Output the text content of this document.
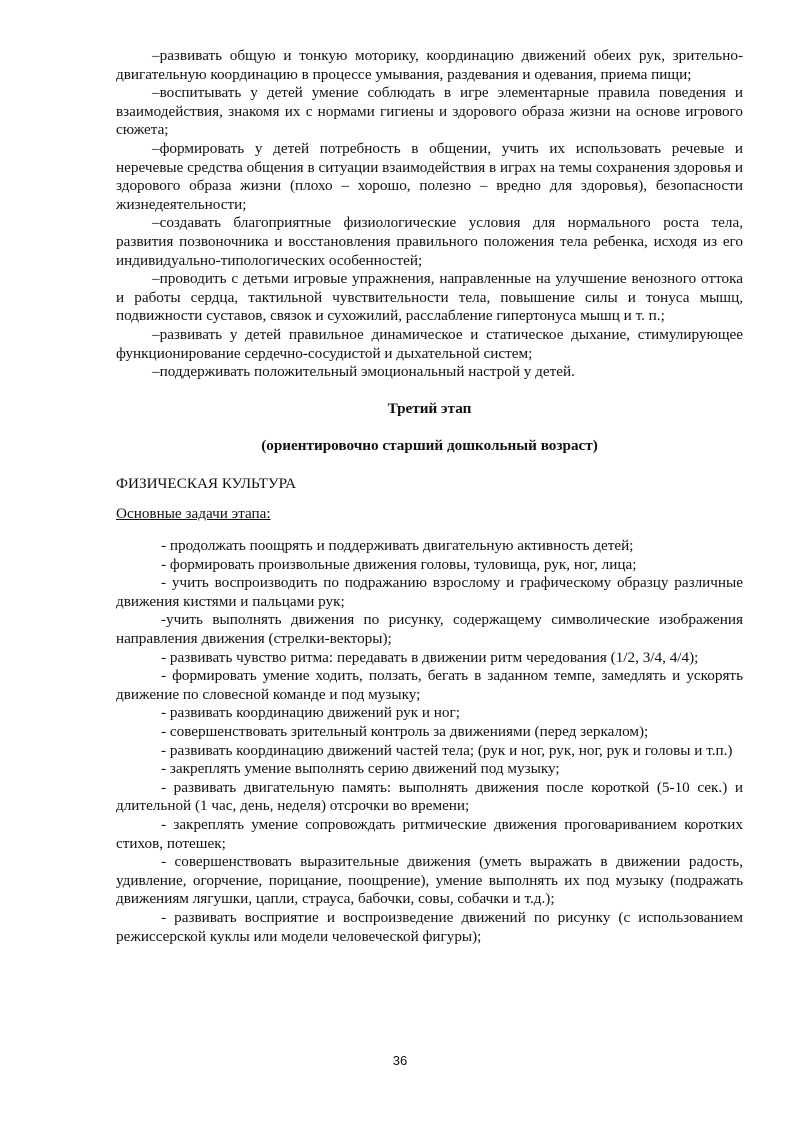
–развивать общую и тонкую моторику, координацию движений обеих рук, зрительно-двигательную координацию в процессе умывания, раздевания и одевания, приема пищи;

–воспитывать у детей умение соблюдать в игре элементарные правила поведения и взаимодействия, знакомя их с нормами гигиены и здорового образа жизни на основе игрового сюжета;

–формировать у детей потребность в общении, учить их использовать речевые и неречевые средства общения в ситуации взаимодействия в играх на темы сохранения здоровья и здорового образа жизни (плохо – хорошо, полезно – вредно для здоровья), безопасности жизнедеятельности;

–создавать благоприятные физиологические условия для нормального роста тела, развития позвоночника и восстановления правильного положения тела ребенка, исходя из его индивидуально-типологических особенностей;

–проводить с детьми игровые упражнения, направленные на улучшение венозного оттока и работы сердца, тактильной чувствительности тела, повышение силы и тонуса мышц, подвижности суставов, связок и сухожилий, расслабление гипертонуса мышц и т. п.;

–развивать у детей правильное динамическое и статическое дыхание, стимулирующее функционирование сердечно-сосудистой и дыхательной систем;

–поддерживать положительный эмоциональный настрой у детей.

Третий этап

(ориентировочно старший дошкольный возраст)

ФИЗИЧЕСКАЯ КУЛЬТУРА

Основные задачи этапа:

- продолжать поощрять и поддерживать двигательную активность детей;

- формировать произвольные движения головы, туловища, рук, ног, лица;

- учить воспроизводить по подражанию взрослому и графическому образцу различные движения кистями и пальцами рук;

-учить выполнять движения по рисунку, содержащему символические изображения направления движения (стрелки-векторы);

- развивать чувство ритма: передавать в движении ритм чередования (1/2, 3/4, 4/4);

- формировать умение ходить, ползать, бегать в заданном темпе, замедлять и ускорять движение по словесной команде и под музыку;

- развивать координацию движений рук и ног;

- совершенствовать зрительный контроль за движениями (перед зеркалом);

- развивать координацию движений частей тела; (рук и ног, рук, ног, рук и головы и т.п.)

- закреплять умение выполнять серию движений под музыку;

- развивать двигательную память: выполнять движения после короткой (5-10 сек.) и длительной (1 час, день, неделя) отсрочки во времени;

- закреплять умение сопровождать ритмические движения проговариванием коротких стихов, потешек;

- совершенствовать выразительные движения (уметь выражать в движении радость, удивление, огорчение, порицание, поощрение), умение выполнять их под музыку (подражать движениям лягушки, цапли, страуса, бабочки, совы, собачки и т.д.);

- развивать восприятие и воспроизведение движений по рисунку (с использованием режиссерской куклы или модели человеческой фигуры);

36
